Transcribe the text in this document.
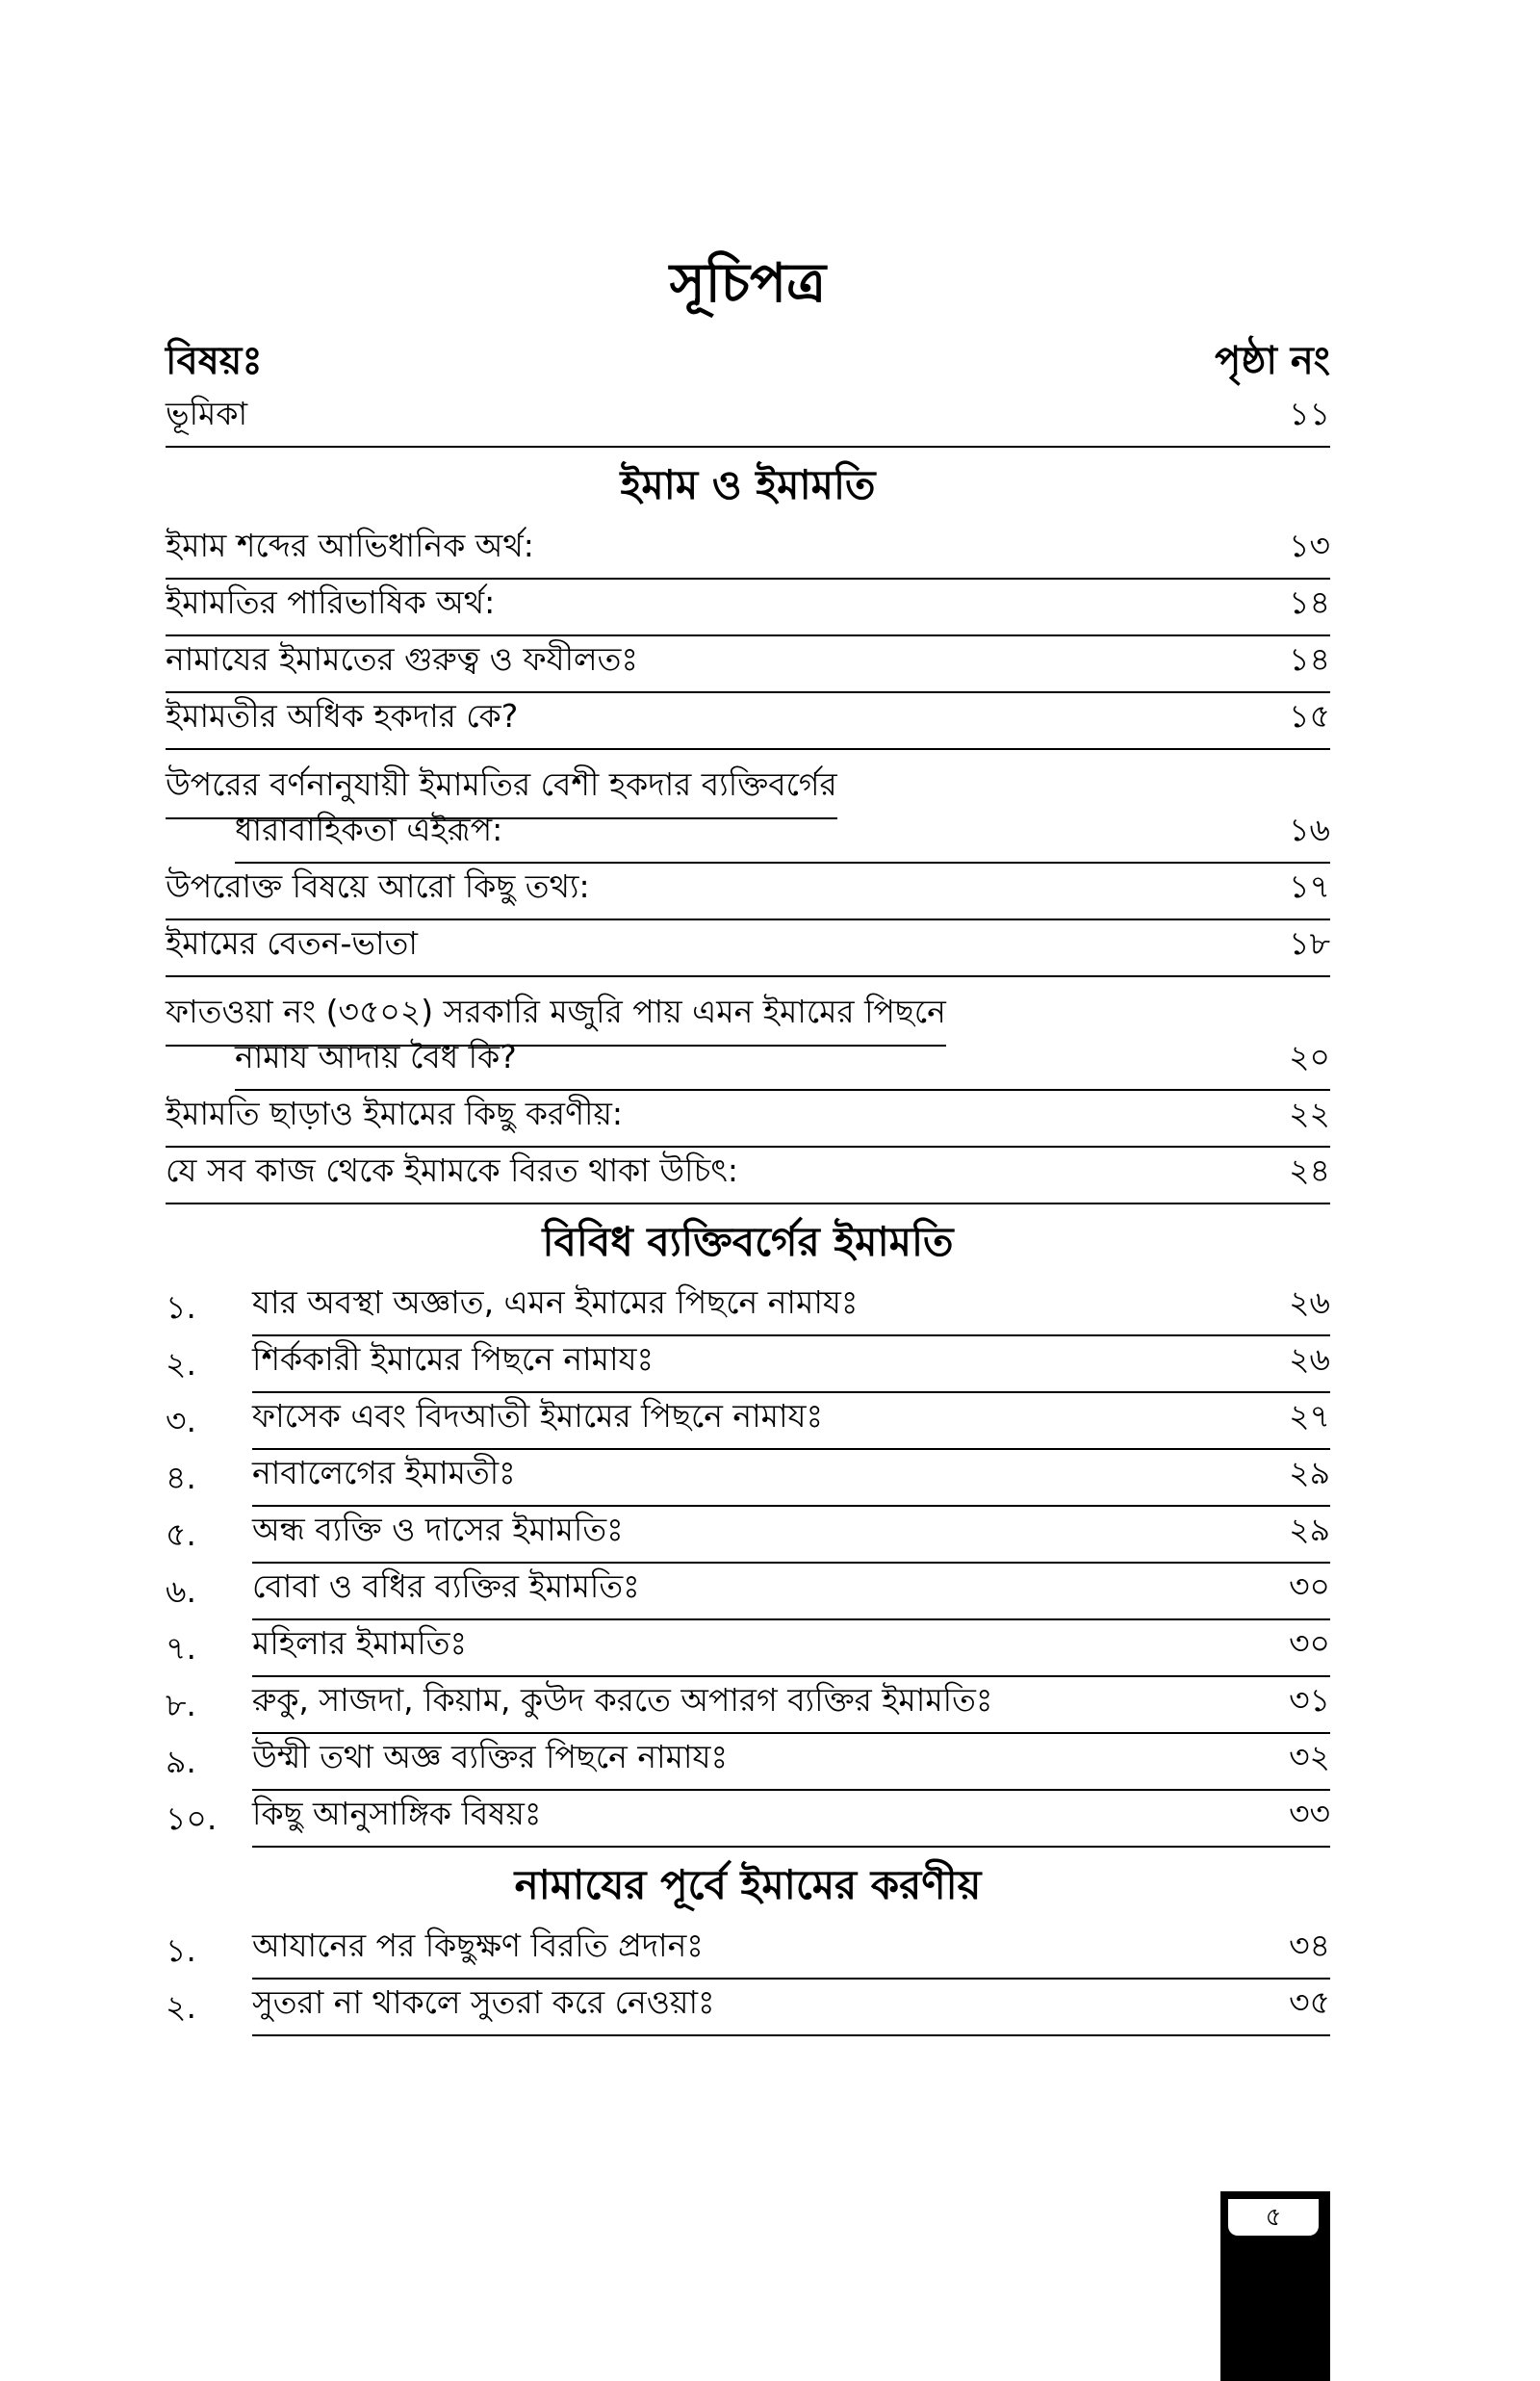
সূচিপত্র
বিষয়ঃ	পৃষ্ঠা নং
ভূমিকা	১১
ইমাম ও ইমামতি
ইমাম শব্দের আভিধানিক অর্থ:	১৩
ইমামতির পারিভাষিক অর্থ:	১৪
নামাযের ইমামতের গুরুত্ব ও ফযীলতঃ	১৪
ইমামতীর অধিক হকদার কে?	১৫
উপরের বর্ণনানুযায়ী ইমামতির বেশী হকদার ব্যক্তিবর্গের
ধারাবাহিকতা এইরূপ:	১৬
উপরোক্ত বিষয়ে আরো কিছু তথ্য:	১৭
ইমামের বেতন-ভাতা	১৮
ফাতওয়া নং (৩৫০২) সরকারি মজুরি পায় এমন ইমামের পিছনে
নামায আদায় বৈধ কি?	২০
ইমামতি ছাড়াও ইমামের কিছু করণীয়:	২২
যে সব কাজ থেকে ইমামকে বিরত থাকা উচিৎ:	২৪
বিবিধ ব্যক্তিবর্গের ইমামতি
১.	যার অবস্থা অজ্ঞাত, এমন ইমামের পিছনে নামাযঃ	২৬
২.	শির্ককারী ইমামের পিছনে নামাযঃ	২৬
৩.	ফাসেক এবং বিদআতী ইমামের পিছনে নামাযঃ	২৭
৪.	নাবালেগের ইমামতীঃ	২৯
৫.	অন্ধ ব্যক্তি ও দাসের ইমামতিঃ	২৯
৬.	বোবা ও বধির ব্যক্তির ইমামতিঃ	৩০
৭.	মহিলার ইমামতিঃ	৩০
৮.	রুকু, সাজদা, কিয়াম, কুউদ করতে অপারগ ব্যক্তির ইমামতিঃ	৩১
৯.	উম্মী তথা অজ্ঞ ব্যক্তির পিছনে নামাযঃ	৩২
১০.	কিছু আনুসাঙ্গিক বিষয়ঃ	৩৩
নামাযের পূর্বে ইমামের করণীয়
১.	আযানের পর কিছুক্ষণ বিরতি প্রদানঃ	৩৪
২.	সুতরা না থাকলে সুতরা করে নেওয়াঃ	৩৫
৫
